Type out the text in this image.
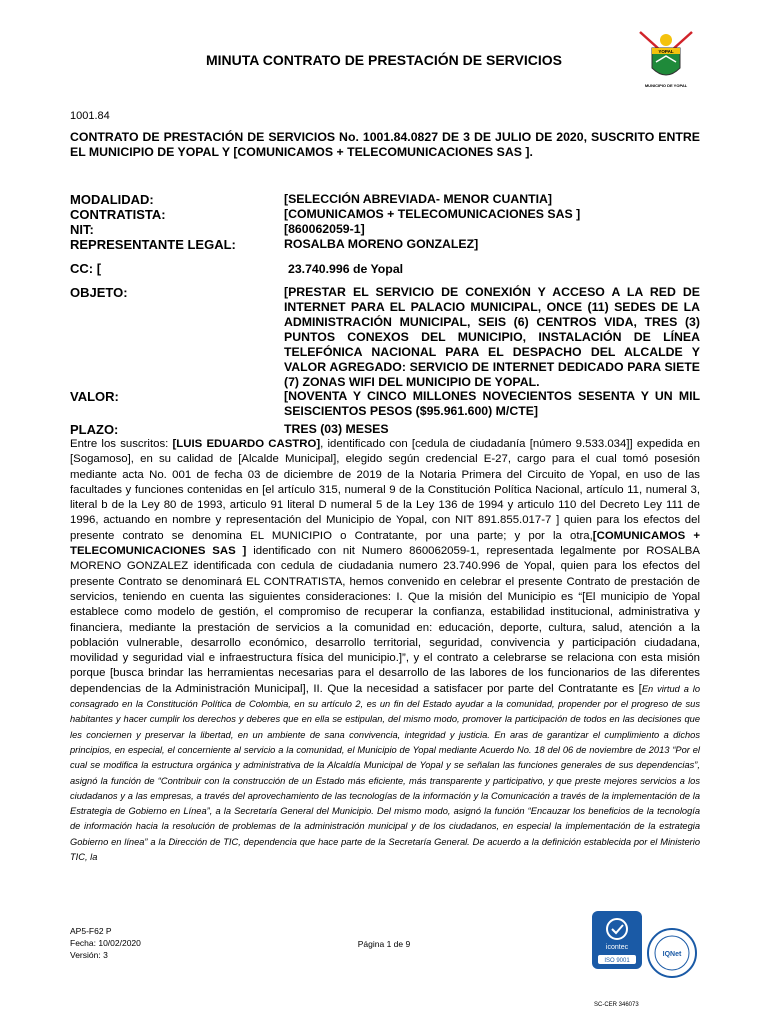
MINUTA CONTRATO DE PRESTACIÓN DE SERVICIOS
YOPAL
MUNICIPIO DE YOPAL
1001.84
CONTRATO DE PRESTACIÓN DE SERVICIOS No. 1001.84.0827 DE 3 DE JULIO DE 2020, SUSCRITO ENTRE EL MUNICIPIO DE YOPAL Y [COMUNICAMOS + TELECOMUNICACIONES SAS ].
MODALIDAD:	[SELECCIÓN ABREVIADA- MENOR CUANTIA]
CONTRATISTA:	[COMUNICAMOS + TELECOMUNICACIONES SAS ]
NIT:	[860062059-1]
REPRESENTANTE LEGAL:	ROSALBA MORENO GONZALEZ]
CC: [	23.740.996 de Yopal
OBJETO:	[PRESTAR EL SERVICIO DE CONEXIÓN Y ACCESO A LA RED DE INTERNET PARA EL PALACIO MUNICIPAL, ONCE (11) SEDES DE LA ADMINISTRACIÓN MUNICIPAL, SEIS (6) CENTROS VIDA, TRES (3) PUNTOS CONEXOS DEL MUNICIPIO, INSTALACIÓN DE LÍNEA TELEFÓNICA NACIONAL PARA EL DESPACHO DEL ALCALDE Y VALOR AGREGADO: SERVICIO DE INTERNET DEDICADO PARA SIETE (7) ZONAS WIFI DEL MUNICIPIO DE YOPAL.
VALOR:	[NOVENTA Y CINCO MILLONES NOVECIENTOS SESENTA Y UN MIL SEISCIENTOS PESOS ($95.961.600) M/CTE]
PLAZO:	TRES (03) MESES
Entre los suscritos: [LUIS EDUARDO CASTRO], identificado con [cedula de ciudadanía [número 9.533.034]] expedida en [Sogamoso], en su calidad de [Alcalde Municipal], elegido según credencial E-27, cargo para el cual tomó posesión mediante acta No. 001 de fecha 03 de diciembre de 2019 de la Notaria Primera del Circuito de Yopal, en uso de las facultades y funciones contenidas en [el artículo 315, numeral 9 de la Constitución Política Nacional, artículo 11, numeral 3, literal b de la Ley 80 de 1993, articulo 91 literal D numeral 5 de la Ley 136 de 1994 y articulo 110 del Decreto Ley 111 de 1996, actuando en nombre y representación del Municipio de Yopal, con NIT 891.855.017-7 ] quien para los efectos del presente contrato se denomina EL MUNICIPIO o Contratante, por una parte; y por la otra,[COMUNICAMOS + TELECOMUNICACIONES SAS ] identificado con nit Numero 860062059-1, representada legalmente por ROSALBA MORENO GONZALEZ identificada con cedula de ciudadania numero 23.740.996 de Yopal, quien para los efectos del presente Contrato se denominará EL CONTRATISTA, hemos convenido en celebrar el presente Contrato de prestación de servicios, teniendo en cuenta las siguientes consideraciones: I. Que la misión del Municipio es “[El municipio de Yopal establece como modelo de gestión, el compromiso de recuperar la confianza, estabilidad institucional, administrativa y financiera, mediante la prestación de servicios a la comunidad en: educación, deporte, cultura, salud, atención a la población vulnerable, desarrollo económico, desarrollo territorial, seguridad, convivencia y participación ciudadana, movilidad y seguridad vial e infraestructura física del municipio.]”, y el contrato a celebrarse se relaciona con esta misión porque [busca brindar las herramientas necesarias para el desarrollo de las labores de los funcionarios de las diferentes dependencias de la Administración Municipal], II. Que la necesidad a satisfacer por parte del Contratante es [En virtud a lo consagrado en la Constitución Política de Colombia, en su artículo 2, es un fin del Estado ayudar a la comunidad, propender por el progreso de sus habitantes y hacer cumplir los derechos y deberes que en ella se estipulan, del mismo modo, promover la participación de todos en las decisiones que les conciernen y preservar la libertad, en un ambiente de sana convivencia, integridad y justicia. En aras de garantizar el cumplimiento a dichos principios, en especial, el concerniente al servicio a la comunidad, el Municipio de Yopal mediante Acuerdo No. 18 del 06 de noviembre de 2013 “Por el cual se modifica la estructura orgánica y administrativa de la Alcaldía Municipal de Yopal y se señalan las funciones generales de sus dependencias”, asignó la función de “Contribuir con la construcción de un Estado más eficiente, más transparente y participativo, y que preste mejores servicios a los ciudadanos y a las empresas, a través del aprovechamiento de las tecnologías de la información y la Comunicación a través de la implementación de la Estrategia de Gobierno en Línea”, a la Secretaría General del Municipio. Del mismo modo, asignó la función “Encauzar los beneficios de la tecnología de información hacia la resolución de problemas de la administración municipal y de los ciudadanos, en especial la implementación de la estrategia Gobierno en línea” a la Dirección de TIC, dependencia que hace parte de la Secretaría General. De acuerdo a la definición establecida por el Ministerio TIC, la
AP5-F62 P
Fecha: 10/02/2020
Versión: 3
Página 1 de 9	icontec
ISO 9001
IQNet
SC-CER 346073
